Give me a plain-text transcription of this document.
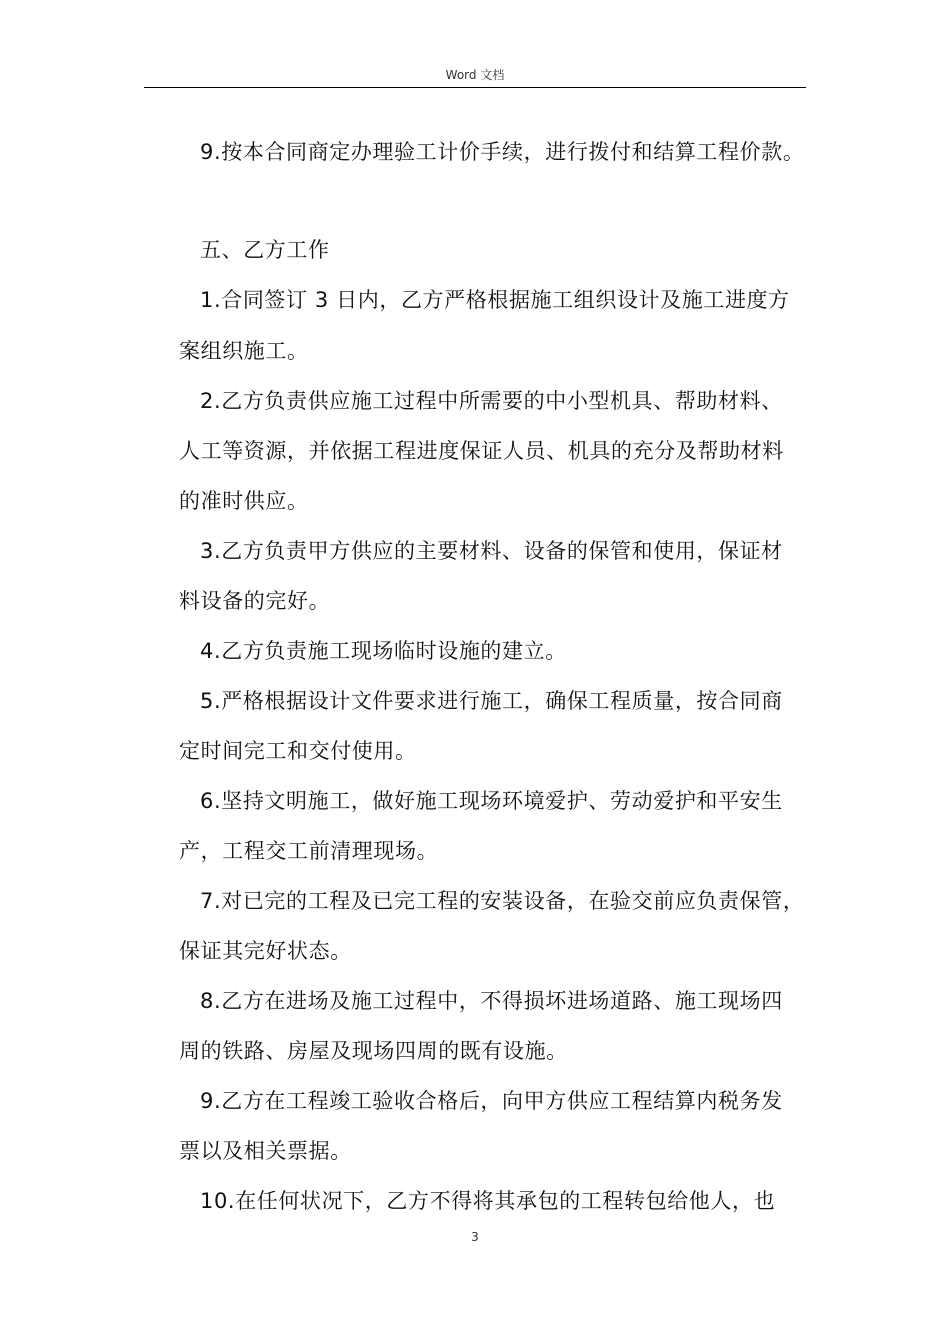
Word 文档
9.按本合同商定办理验工计价手续，进行拨付和结算工程价款。
五、乙方工作
1.合同签订 3 日内，乙方严格根据施工组织设计及施工进度方
案组织施工。
2.乙方负责供应施工过程中所需要的中小型机具、帮助材料、
人工等资源，并依据工程进度保证人员、机具的充分及帮助材料
的准时供应。
3.乙方负责甲方供应的主要材料、设备的保管和使用，保证材
料设备的完好。
4.乙方负责施工现场临时设施的建立。
5.严格根据设计文件要求进行施工，确保工程质量，按合同商
定时间完工和交付使用。
6.坚持文明施工，做好施工现场环境爱护、劳动爱护和平安生
产，工程交工前清理现场。
7.对已完的工程及已完工程的安装设备，在验交前应负责保管，
保证其完好状态。
8.乙方在进场及施工过程中，不得损坏进场道路、施工现场四
周的铁路、房屋及现场四周的既有设施。
9.乙方在工程竣工验收合格后，向甲方供应工程结算内税务发
票以及相关票据。
10.在任何状况下，乙方不得将其承包的工程转包给他人，也
3
